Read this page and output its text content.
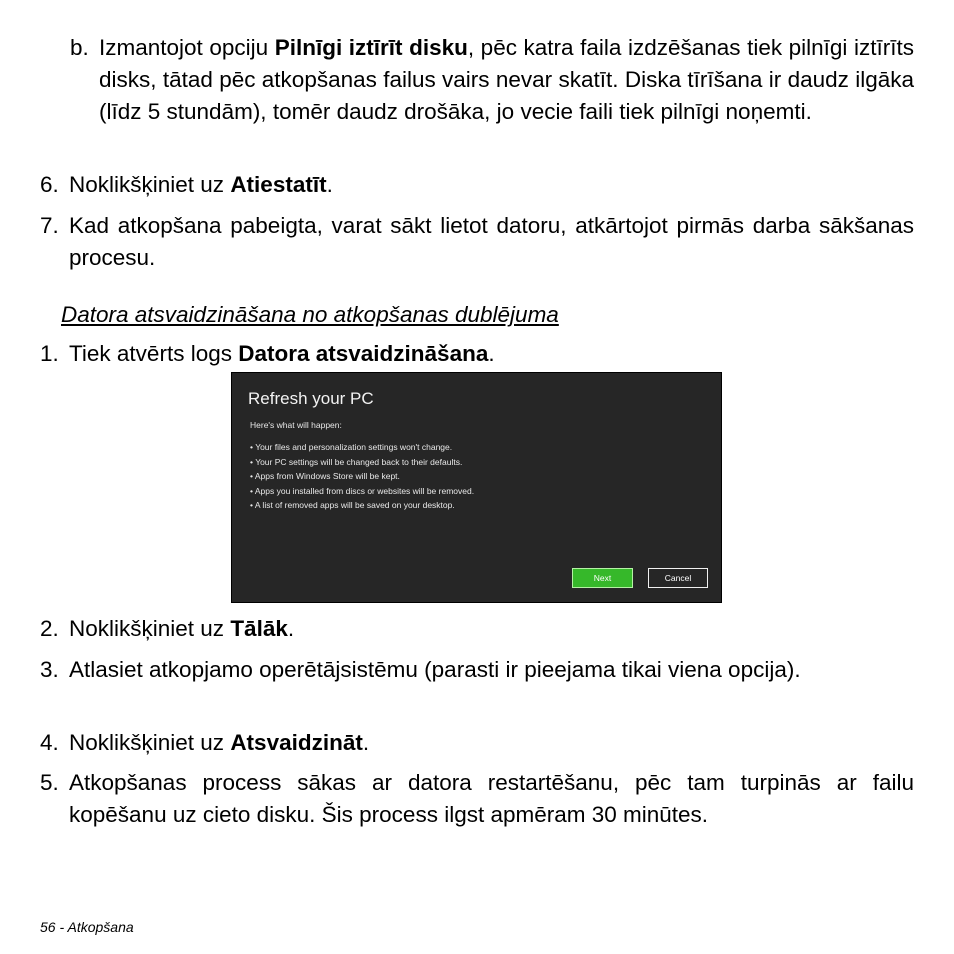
b. Izmantojot opciju Pilnīgi iztīrīt disku, pēc katra faila izdzēšanas tiek pilnīgi iztīrīts disks, tātad pēc atkopšanas failus vairs nevar skatīt. Diska tīrīšana ir daudz ilgāka (līdz 5 stundām), tomēr daudz drošāka, jo vecie faili tiek pilnīgi noņemti.
6. Noklikšķiniet uz Atiestatīt.
7. Kad atkopšana pabeigta, varat sākt lietot datoru, atkārtojot pirmās darba sākšanas procesu.
Datora atsvaidzināšana no atkopšanas dublējuma
1. Tiek atvērts logs Datora atsvaidzināšana.
Refresh your PC
Here's what will happen:
• Your files and personalization settings won't change.
• Your PC settings will be changed back to their defaults.
• Apps from Windows Store will be kept.
• Apps you installed from discs or websites will be removed.
• A list of removed apps will be saved on your desktop.
Next	Cancel
2. Noklikšķiniet uz Tālāk.
3. Atlasiet atkopjamo operētājsistēmu (parasti ir pieejama tikai viena opcija).
4. Noklikšķiniet uz Atsvaidzināt.
5. Atkopšanas process sākas ar datora restartēšanu, pēc tam turpinās ar failu kopēšanu uz cieto disku. Šis process ilgst apmēram 30 minūtes.
56 - Atkopšana
